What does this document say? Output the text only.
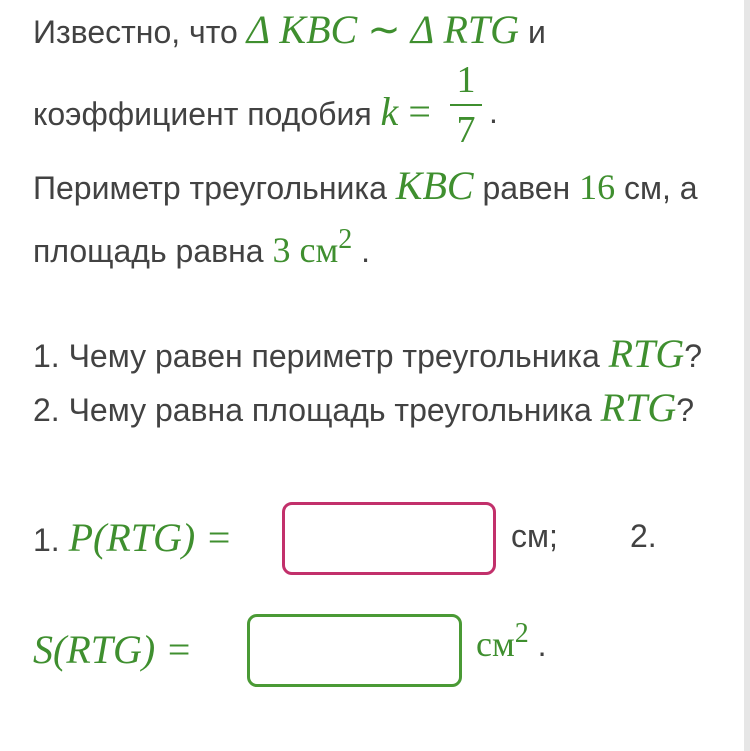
Известно, что Δ KBC ∼ Δ RTG и
коэффициент подобия k =
1
7 .
Периметр треугольника KBC равен 16 см, а
площадь равна 3 $см^2$ .
1. Чему равен периметр треугольника RTG?
2. Чему равна площадь треугольника RTG?
1. P(RTG) =	см; 2.
S(RTG) =	$см^2$ .
